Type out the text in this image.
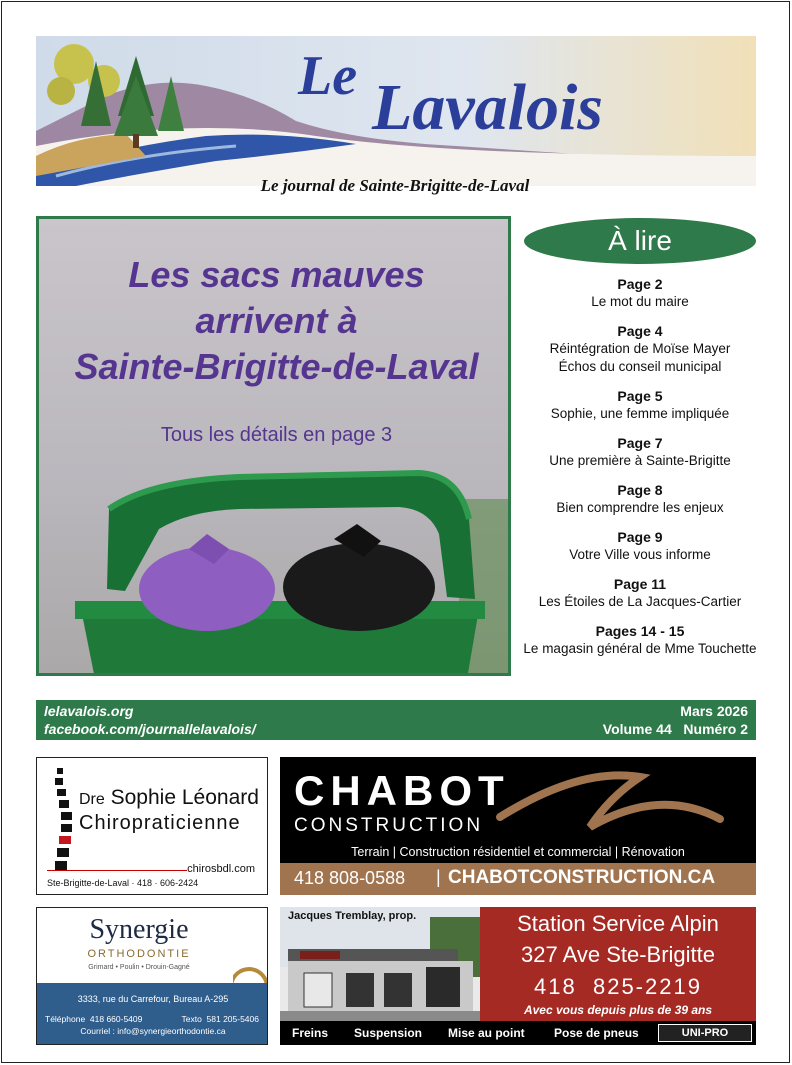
Le Lavalois
Le journal de Sainte-Brigitte-de-Laval
Les sacs mauves
arrivent à
Sainte-Brigitte-de-Laval
Tous les détails en page 3
À lire
Page 2
Le mot du maire
Page 4
Réintégration de Moïse Mayer
Échos du conseil municipal
Page 5
Sophie, une femme impliquée
Page 7
Une première à Sainte-Brigitte
Page 8
Bien comprendre les enjeux
Page 9
Votre Ville vous informe
Page 11
Les Étoiles de La Jacques-Cartier
Pages 14 - 15
Le magasin général de Mme Touchette
lelavalois.org
facebook.com/journallelavalois/
Mars 2026
Volume 44   Numéro 2
Dre Sophie Léonard
Chiropraticienne
chirosbdl.com
Ste-Brigitte-de-Laval · 418 · 606-2424
CHABOT
CONSTRUCTION
Terrain | Construction résidentiel et commercial | Rénovation
418 808-0588 | CHABOTCONSTRUCTION.CA
Synergie
ORTHODONTIE
Grimard • Poulin • Drouin-Gagné
3333, rue du Carrefour, Bureau A-295
Téléphone  418 660-5409	Texto  581 205-5406
Courriel : info@synergieorthodontie.ca
Jacques Tremblay, prop.	Station Service Alpin
327 Ave Ste-Brigitte
418  825-2219
Avec vous depuis plus de 39 ans
Freins Suspension Mise au point Pose de pneus	UNI-PRO
